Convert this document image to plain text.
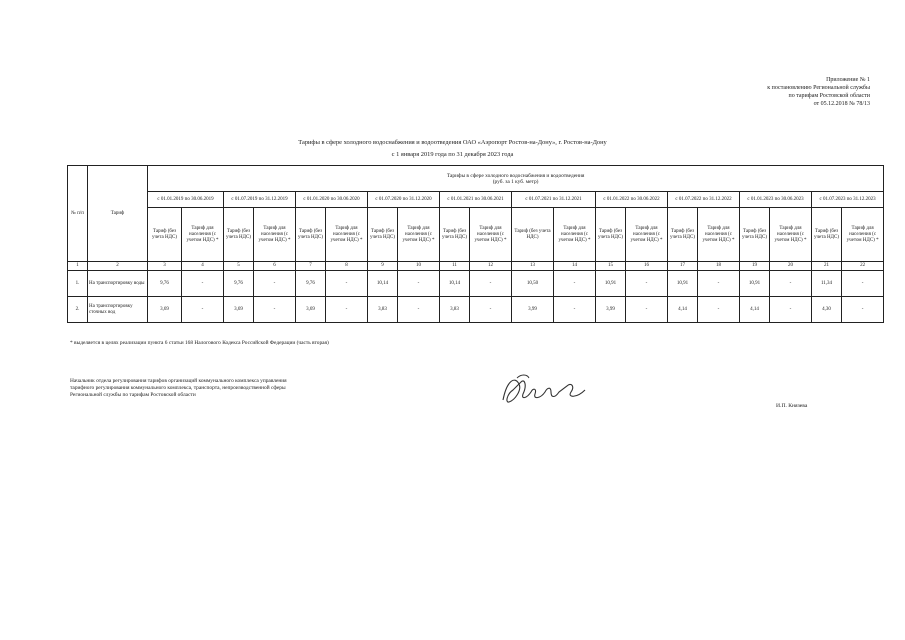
Приложение № 1
к постановлению Региональной службы
по тарифам Ростовской области
от 05.12.2018 № 78/13
Тарифы в сфере холодного водоснабжения и водоотведения ОАО «Аэропорт Ростов-на-Дону», г. Ростов-на-Дону
с 1 января 2019 года по 31 декабря 2023 года
№ п/п	Тариф	Тарифы в сфере холодного водоснабжения и водоотведения
(руб. за 1 куб. метр)																			

		с 01.01.2019 по 30.06.2019		с 01.07.2019 по 31.12.2019		с 01.01.2020 по 30.06.2020		с 01.07.2020 по 31.12.2020		с 01.01.2021 по 30.06.2021		с 01.07.2021 по 31.12.2021		с 01.01.2022 по 30.06.2022		с 01.07.2022 по 31.12.2022		с 01.01.2023 по 30.06.2023		с 01.07.2023 по 31.12.2023	
		Тариф (без учета НДС)	Тариф для населения (с учетом НДС) *	Тариф (без учета НДС)	Тариф для населения (с учетом НДС) *	Тариф (без учета НДС)	Тариф для населения (с учетом НДС) *	Тариф (без учета НДС)	Тариф для населения (с учетом НДС) *	Тариф (без учета НДС)	Тариф для населения (с учетом НДС) *	Тариф (без учета НДС)	Тариф для населения (с учетом НДС) *	Тариф (без учета НДС)	Тариф для населения (с учетом НДС) *	Тариф (без учета НДС)	Тариф для населения (с учетом НДС) *	Тариф (без учета НДС)	Тариф для населения (с учетом НДС) *	Тариф (без учета НДС)	Тариф для населения (с учетом НДС) *
1	2	3	4	5	6	7	8	9	10	11	12	13	14	15	16	17	18	19	20	21	22
1.	На транспортировку воды	9,76	-	9,76	-	9,76	-	10,14	-	10,14	-	10,50	-	10,91	-	10,91	-	10,91	-	11,34	-
2.	На транспортировку сточных вод	3,69	-	3,69	-	3,69	-	3,83	-	3,83	-	3,99	-	3,99	-	4,14	-	4,14	-	4,30	-
* выделяется в целях реализации пункта 6 статьи 168 Налогового Кодекса Российской Федерации (часть вторая)
Начальник отдела регулирования тарифов организаций коммунального комплекса управления тарифного регулирования коммунального комплекса, транспорта, непроизводственной сферы Региональной службы по тарифам Ростовской области
И.П. Князева
